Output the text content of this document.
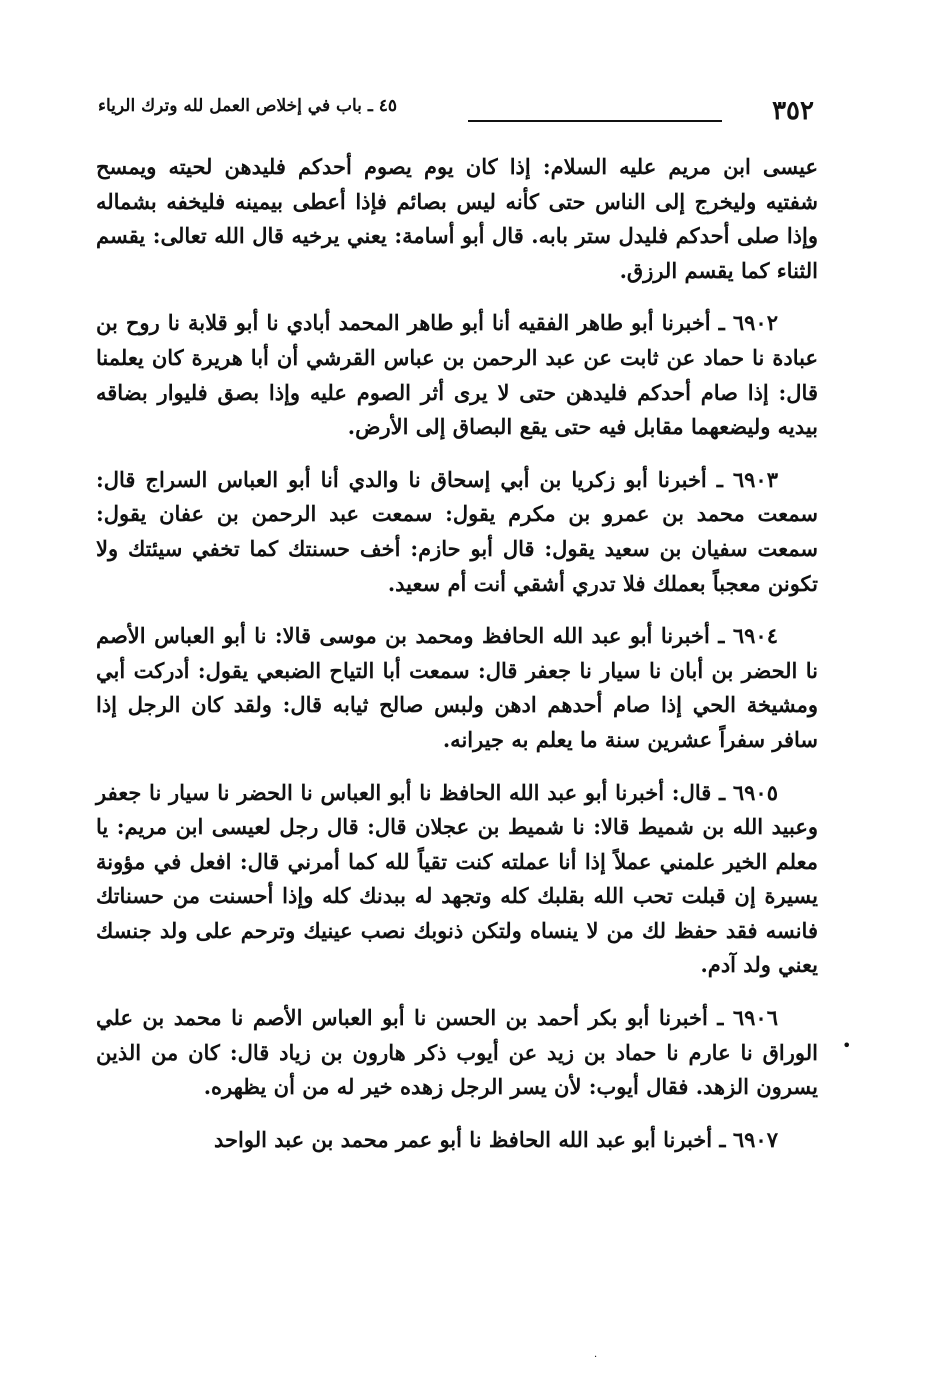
٣٥٢
٤٥ ـ باب في إخلاص العمل لله وترك الرياء

عيسى ابن مريم عليه السلام: إذا كان يوم يصوم أحدكم فليدهن لحيته ويمسح شفتيه وليخرج إلى الناس حتى كأنه ليس بصائم فإذا أعطى بيمينه فليخفه بشماله وإذا صلى أحدكم فليدل ستر بابه. قال أبو أسامة: يعني يرخيه قال الله تعالى: يقسم الثناء كما يقسم الرزق.

٦٩٠٢ ـ أخبرنا أبو طاهر الفقيه أنا أبو طاهر المحمد أبادي نا أبو قلابة نا روح بن عبادة نا حماد عن ثابت عن عبد الرحمن بن عباس القرشي أن أبا هريرة كان يعلمنا قال: إذا صام أحدكم فليدهن حتى لا يرى أثر الصوم عليه وإذا بصق فليوار بضاقه بيديه وليضعهما مقابل فيه حتى يقع البصاق إلى الأرض.

٦٩٠٣ ـ أخبرنا أبو زكريا بن أبي إسحاق نا والدي أنا أبو العباس السراج قال: سمعت محمد بن عمرو بن مكرم يقول: سمعت عبد الرحمن بن عفان يقول: سمعت سفيان بن سعيد يقول: قال أبو حازم: أخف حسنتك كما تخفي سيئتك ولا تكونن معجباً بعملك فلا تدري أشقي أنت أم سعيد.

٦٩٠٤ ـ أخبرنا أبو عبد الله الحافظ ومحمد بن موسى قالا: نا أبو العباس الأصم نا الحضر بن أبان نا سيار نا جعفر قال: سمعت أبا التياح الضبعي يقول: أدركت أبي ومشيخة الحي إذا صام أحدهم ادهن ولبس صالح ثيابه قال: ولقد كان الرجل إذا سافر سفراً عشرين سنة ما يعلم به جيرانه.

٦٩٠٥ ـ قال: أخبرنا أبو عبد الله الحافظ نا أبو العباس نا الحضر نا سيار نا جعفر وعبيد الله بن شميط قالا: نا شميط بن عجلان قال: قال رجل لعيسى ابن مريم: يا معلم الخير علمني عملاً إذا أنا عملته كنت تقياً لله كما أمرني قال: افعل في مؤونة يسيرة إن قبلت تحب الله بقلبك كله وتجهد له ببدنك كله وإذا أحسنت من حسناتك فانسه فقد حفظ لك من لا ينساه ولتكن ذنوبك نصب عينيك وترحم على ولد جنسك يعني ولد آدم.

٦٩٠٦ ـ أخبرنا أبو بكر أحمد بن الحسن نا أبو العباس الأصم نا محمد بن علي الوراق نا عارم نا حماد بن زيد عن أيوب ذكر هارون بن زياد قال: كان من الذين يسرون الزهد. فقال أيوب: لأن يسر الرجل زهده خير له من أن يظهره.

٦٩٠٧ ـ أخبرنا أبو عبد الله الحافظ نا أبو عمر محمد بن عبد الواحد

•
·
